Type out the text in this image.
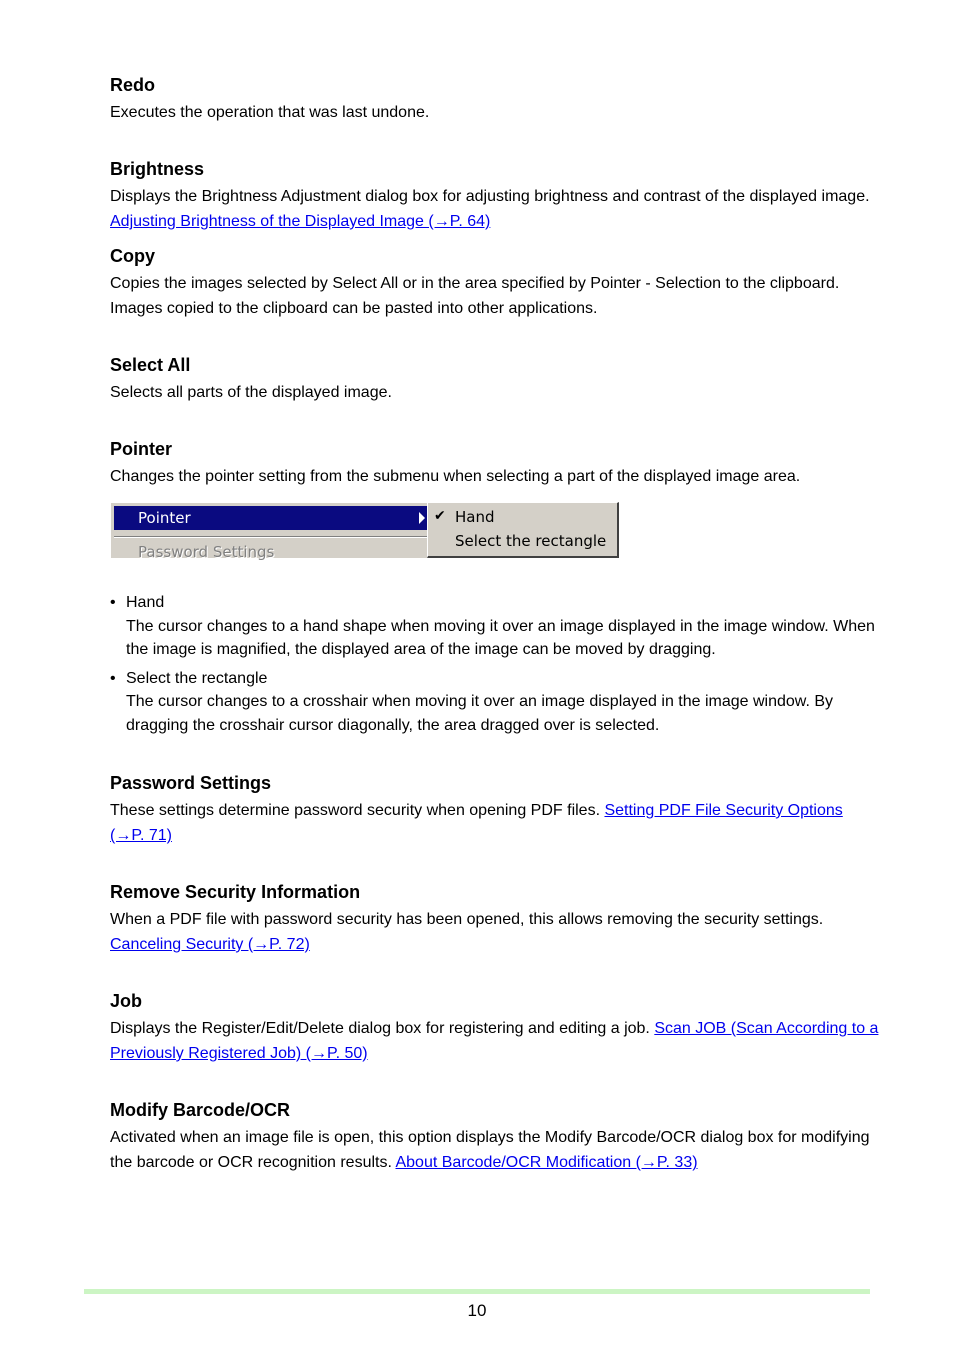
Redo

Executes the operation that was last undone.

Brightness

Displays the Brightness Adjustment dialog box for adjusting brightness and contrast of the displayed image. Adjusting Brightness of the Displayed Image (→P. 64)

Copy

Copies the images selected by Select All or in the area specified by Pointer - Selection to the clipboard. Images copied to the clipboard can be pasted into other applications.

Select All

Selects all parts of the displayed image.

Pointer

Changes the pointer setting from the submenu when selecting a part of the displayed image area.

Pointer
Password Settings
✔ Hand
Select the rectangle
• Hand
The cursor changes to a hand shape when moving it over an image displayed in the image window. When the image is magnified, the displayed area of the image can be moved by dragging.
• Select the rectangle
The cursor changes to a crosshair when moving it over an image displayed in the image window. By dragging the crosshair cursor diagonally, the area dragged over is selected.
Password Settings

These settings determine password security when opening PDF files. Setting PDF File Security Options (→P. 71)

Remove Security Information

When a PDF file with password security has been opened, this allows removing the security settings. Canceling Security (→P. 72)

Job

Displays the Register/Edit/Delete dialog box for registering and editing a job. Scan JOB (Scan According to a Previously Registered Job) (→P. 50)

Modify Barcode/OCR

Activated when an image file is open, this option displays the Modify Barcode/OCR dialog box for modifying the barcode or OCR recognition results. About Barcode/OCR Modification (→P. 33)

10
